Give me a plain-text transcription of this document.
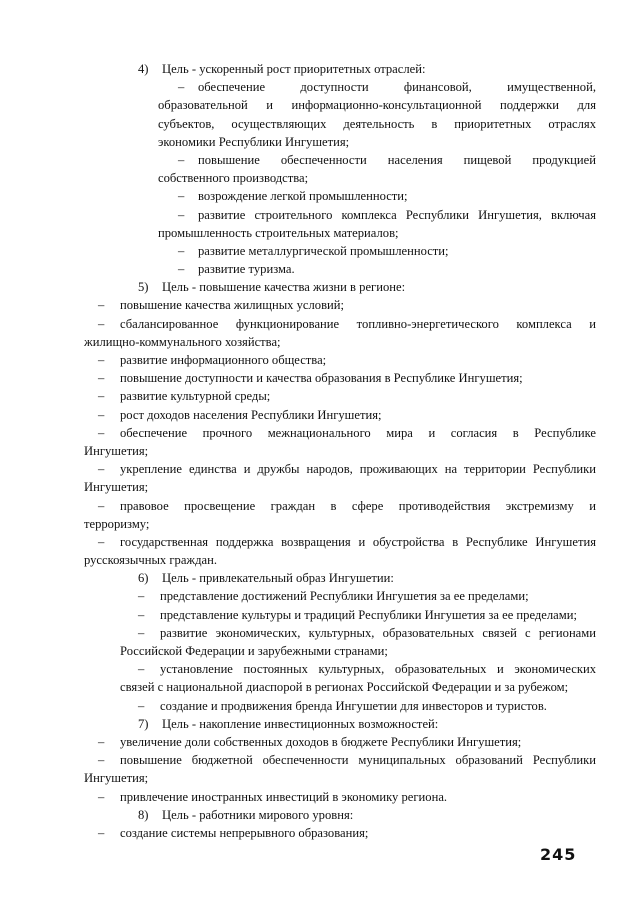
4) Цель - ускоренный рост приоритетных отраслей:
– обеспечение доступности финансовой, имущественной,
образовательной и информационно-консультационной поддержки для
субъектов, осуществляющих деятельность в приоритетных отраслях
экономики Республики Ингушетия;
– повышение обеспеченности населения пищевой продукцией
собственного производства;
– возрождение легкой промышленности;
– развитие строительного комплекса Республики Ингушетия, включая
промышленность строительных материалов;
– развитие металлургической промышленности;
– развитие туризма.
5) Цель - повышение качества жизни в регионе:
– повышение качества жилищных условий;
– сбалансированное функционирование топливно-энергетического комплекса и
жилищно-коммунального хозяйства;
– развитие информационного общества;
– повышение доступности и качества образования в Республике Ингушетия;
– развитие культурной среды;
– рост доходов населения Республики Ингушетия;
– обеспечение прочного межнационального мира и согласия в Республике
Ингушетия;
– укрепление единства и дружбы народов, проживающих на территории Республики
Ингушетия;
– правовое просвещение граждан в сфере противодействия экстремизму и
терроризму;
– государственная поддержка возвращения и обустройства в Республике Ингушетия
русскоязычных граждан.
6) Цель - привлекательный образ Ингушетии:
– представление достижений Республики Ингушетия за ее пределами;
– представление культуры и традиций Республики Ингушетия за ее пределами;
– развитие экономических, культурных, образовательных связей с регионами
Российской Федерации и зарубежными странами;
– установление постоянных культурных, образовательных и экономических
связей с национальной диаспорой в регионах Российской Федерации и за рубежом;
– создание и продвижения бренда Ингушетии для инвесторов и туристов.
7) Цель - накопление инвестиционных возможностей:
– увеличение доли собственных доходов в бюджете Республики Ингушетия;
– повышение бюджетной обеспеченности муниципальных образований Республики
Ингушетия;
– привлечение иностранных инвестиций в экономику региона.
8) Цель - работники мирового уровня:
– создание системы непрерывного образования;
245
